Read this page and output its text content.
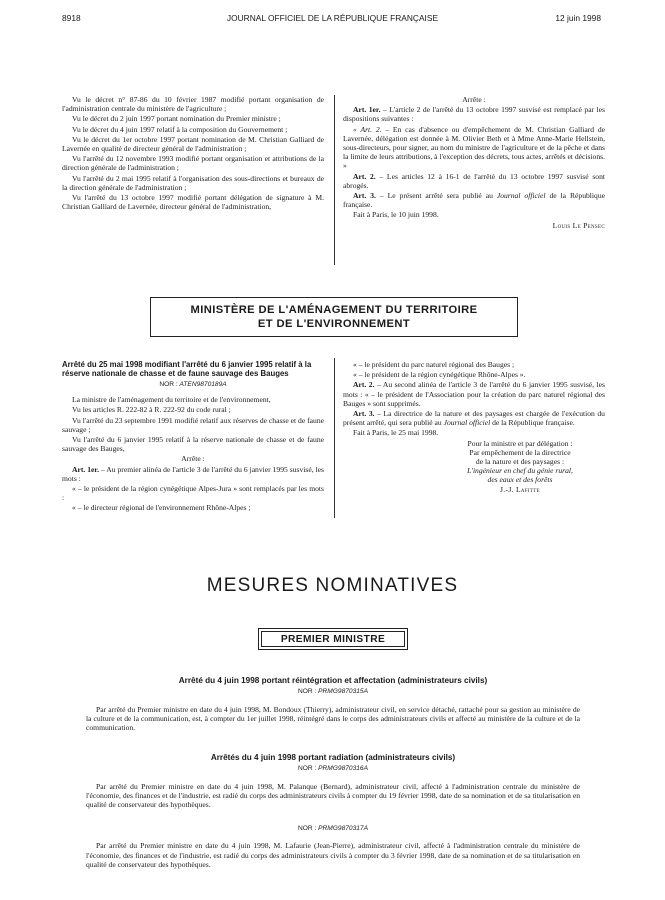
8918	JOURNAL OFFICIEL DE LA RÉPUBLIQUE FRANÇAISE	12 juin 1998

Vu le décret n° 87-86 du 10 février 1987 modifié portant organisation de l'administration centrale du ministère de l'agriculture ;

Vu le décret du 2 juin 1997 portant nomination du Premier ministre ;

Vu le décret du 4 juin 1997 relatif à la composition du Gouvernement ;

Vu le décret du 1er octobre 1997 portant nomination de M. Christian Galliard de Lavernée en qualité de directeur général de l'administration ;

Vu l'arrêté du 12 novembre 1993 modifié portant organisation et attributions de la direction générale de l'administration ;

Vu l'arrêté du 2 mai 1995 relatif à l'organisation des sous-directions et bureaux de la direction générale de l'administration ;

Vu l'arrêté du 13 octobre 1997 modifié portant délégation de signature à M. Christian Galliard de Lavernée, directeur général de l'administration,

Arrête :

Art. 1er. – L'article 2 de l'arrêté du 13 octobre 1997 susvisé est remplacé par les dispositions suivantes :

« Art. 2. – En cas d'absence ou d'empêchement de M. Christian Galliard de Lavernée, délégation est donnée à M. Olivier Beth et à Mme Anne-Marie Hellstein, sous-directeurs, pour signer, au nom du ministre de l'agriculture et de la pêche et dans la limite de leurs attributions, à l'exception des décrets, tous actes, arrêtés et décisions. »

Art. 2. – Les articles 12 à 16-1 de l'arrêté du 13 octobre 1997 susvisé sont abrogés.

Art. 3. – Le présent arrêté sera publié au Journal officiel de la République française.

Fait à Paris, le 10 juin 1998.

Louis Le Pensec

MINISTÈRE DE L'AMÉNAGEMENT DU TERRITOIRE
ET DE L'ENVIRONNEMENT
Arrêté du 25 mai 1998 modifiant l'arrêté du 6 janvier 1995 relatif à la réserve nationale de chasse et de faune sauvage des Bauges
NOR : ATEN9870189A

La ministre de l'aménagement du territoire et de l'environnement,

Vu les articles R. 222-82 à R. 222-92 du code rural ;

Vu l'arrêté du 23 septembre 1991 modifié relatif aux réserves de chasse et de faune sauvage ;

Vu l'arrêté du 6 janvier 1995 relatif à la réserve nationale de chasse et de faune sauvage des Bauges,

Arrête :

Art. 1er. – Au premier alinéa de l'article 3 de l'arrêté du 6 janvier 1995 susvisé, les mots :

« – le président de la région cynégétique Alpes-Jura » sont remplacés par les mots :

« – le directeur régional de l'environnement Rhône-Alpes ;

« – le président du parc naturel régional des Bauges ;

« – le président de la région cynégétique Rhône-Alpes ».

Art. 2. – Au second alinéa de l'article 3 de l'arrêté du 6 janvier 1995 susvisé, les mots : « – le président de l'Association pour la création du parc naturel régional des Bauges » sont supprimés.

Art. 3. – La directrice de la nature et des paysages est chargée de l'exécution du présent arrêté, qui sera publié au Journal officiel de la République française.

Fait à Paris, le 25 mai 1998.

Pour la ministre et par délégation :
Par empêchement de la directrice
de la nature et des paysages :
L'ingénieur en chef du génie rural,
des eaux et des forêts
J.-J. Lafitte
MESURES NOMINATIVES
PREMIER MINISTRE
Arrêté du 4 juin 1998 portant réintégration et affectation (administrateurs civils)
NOR : PRMG9870315A

Par arrêté du Premier ministre en date du 4 juin 1998, M. Bondoux (Thierry), administrateur civil, en service détaché, rattaché pour sa gestion au ministère de la culture et de la communication, est, à compter du 1er juillet 1998, réintégré dans le corps des administrateurs civils et affecté au ministère de la culture et de la communication.

Arrêtés du 4 juin 1998 portant radiation (administrateurs civils)
NOR : PRMG9870316A

Par arrêté du Premier ministre en date du 4 juin 1998, M. Palanque (Bernard), administrateur civil, affecté à l'administration centrale du ministère de l'économie, des finances et de l'industrie, est radié du corps des administrateurs civils à compter du 19 février 1998, date de sa nomination et de sa titularisation en qualité de conservateur des hypothèques.

NOR : PRMG9870317A

Par arrêté du Premier ministre en date du 4 juin 1998, M. Lafaurie (Jean-Pierre), administrateur civil, affecté à l'administration centrale du ministère de l'économie, des finances et de l'industrie, est radié du corps des administrateurs civils à compter du 3 février 1998, date de sa nomination et de sa titularisation en qualité de conservateur des hypothèques.
